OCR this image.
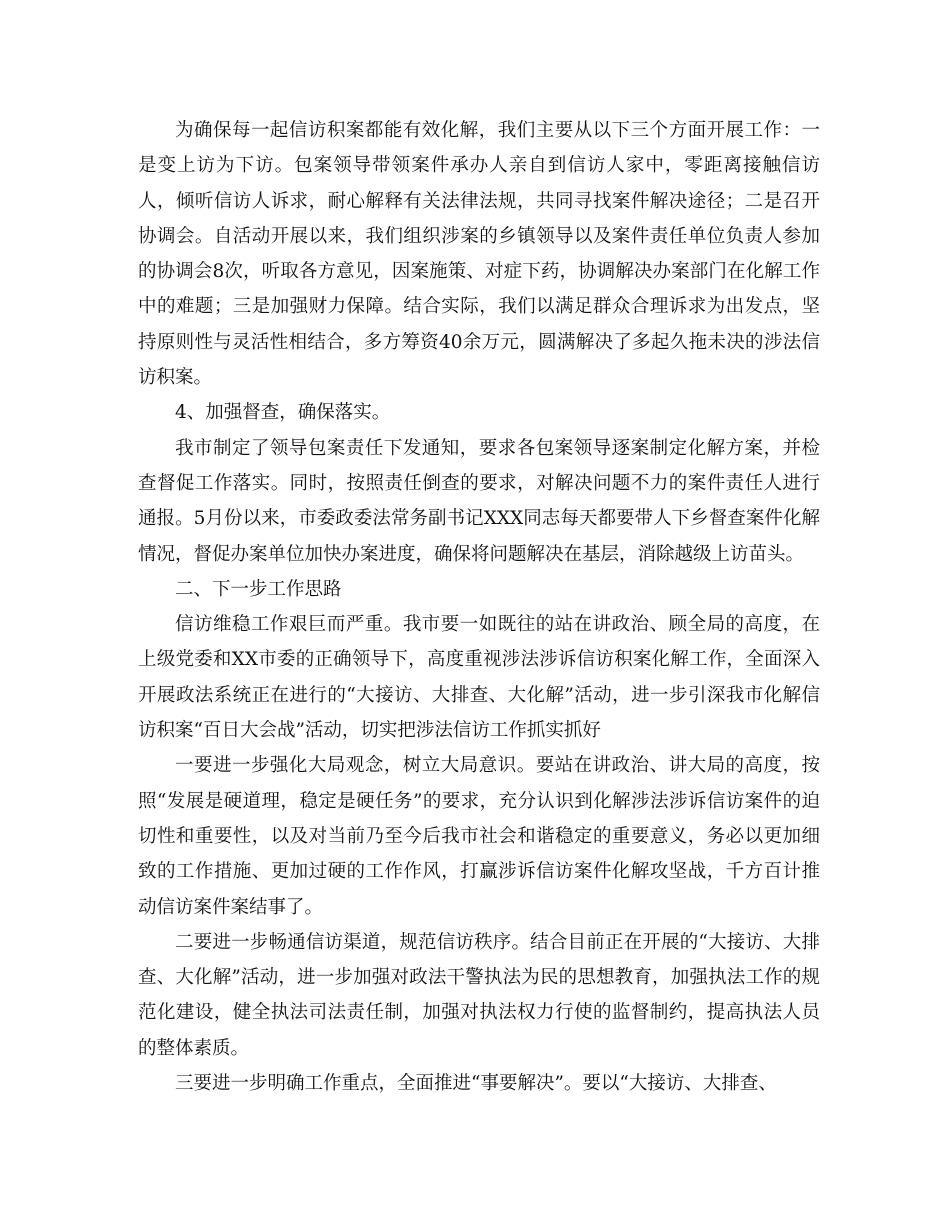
为确保每一起信访积案都能有效化解，我们主要从以下三个方面开展工作：一是变上访为下访。包案领导带领案件承办人亲自到信访人家中，零距离接触信访人，倾听信访人诉求，耐心解释有关法律法规，共同寻找案件解决途径；二是召开协调会。自活动开展以来，我们组织涉案的乡镇领导以及案件责任单位负责人参加的协调会8次，听取各方意见，因案施策、对症下药，协调解决办案部门在化解工作中的难题；三是加强财力保障。结合实际，我们以满足群众合理诉求为出发点，坚持原则性与灵活性相结合，多方筹资40余万元，圆满解决了多起久拖未决的涉法信访积案。

4、加强督查，确保落实。

我市制定了领导包案责任下发通知，要求各包案领导逐案制定化解方案，并检查督促工作落实。同时，按照责任倒查的要求，对解决问题不力的案件责任人进行通报。5月份以来，市委政委法常务副书记XXX同志每天都要带人下乡督查案件化解情况，督促办案单位加快办案进度，确保将问题解决在基层，消除越级上访苗头。

二、下一步工作思路

信访维稳工作艰巨而严重。我市要一如既往的站在讲政治、顾全局的高度，在上级党委和XX市委的正确领导下，高度重视涉法涉诉信访积案化解工作，全面深入开展政法系统正在进行的“大接访、大排查、大化解”活动，进一步引深我市化解信访积案“百日大会战”活动，切实把涉法信访工作抓实抓好

一要进一步强化大局观念，树立大局意识。要站在讲政治、讲大局的高度，按照“发展是硬道理，稳定是硬任务”的要求，充分认识到化解涉法涉诉信访案件的迫切性和重要性，以及对当前乃至今后我市社会和谐稳定的重要意义，务必以更加细致的工作措施、更加过硬的工作作风，打赢涉诉信访案件化解攻坚战，千方百计推动信访案件案结事了。

二要进一步畅通信访渠道，规范信访秩序。结合目前正在开展的“大接访、大排查、大化解”活动，进一步加强对政法干警执法为民的思想教育，加强执法工作的规范化建设，健全执法司法责任制，加强对执法权力行使的监督制约，提高执法人员的整体素质。

三要进一步明确工作重点，全面推进“事要解决”。要以“大接访、大排查、
